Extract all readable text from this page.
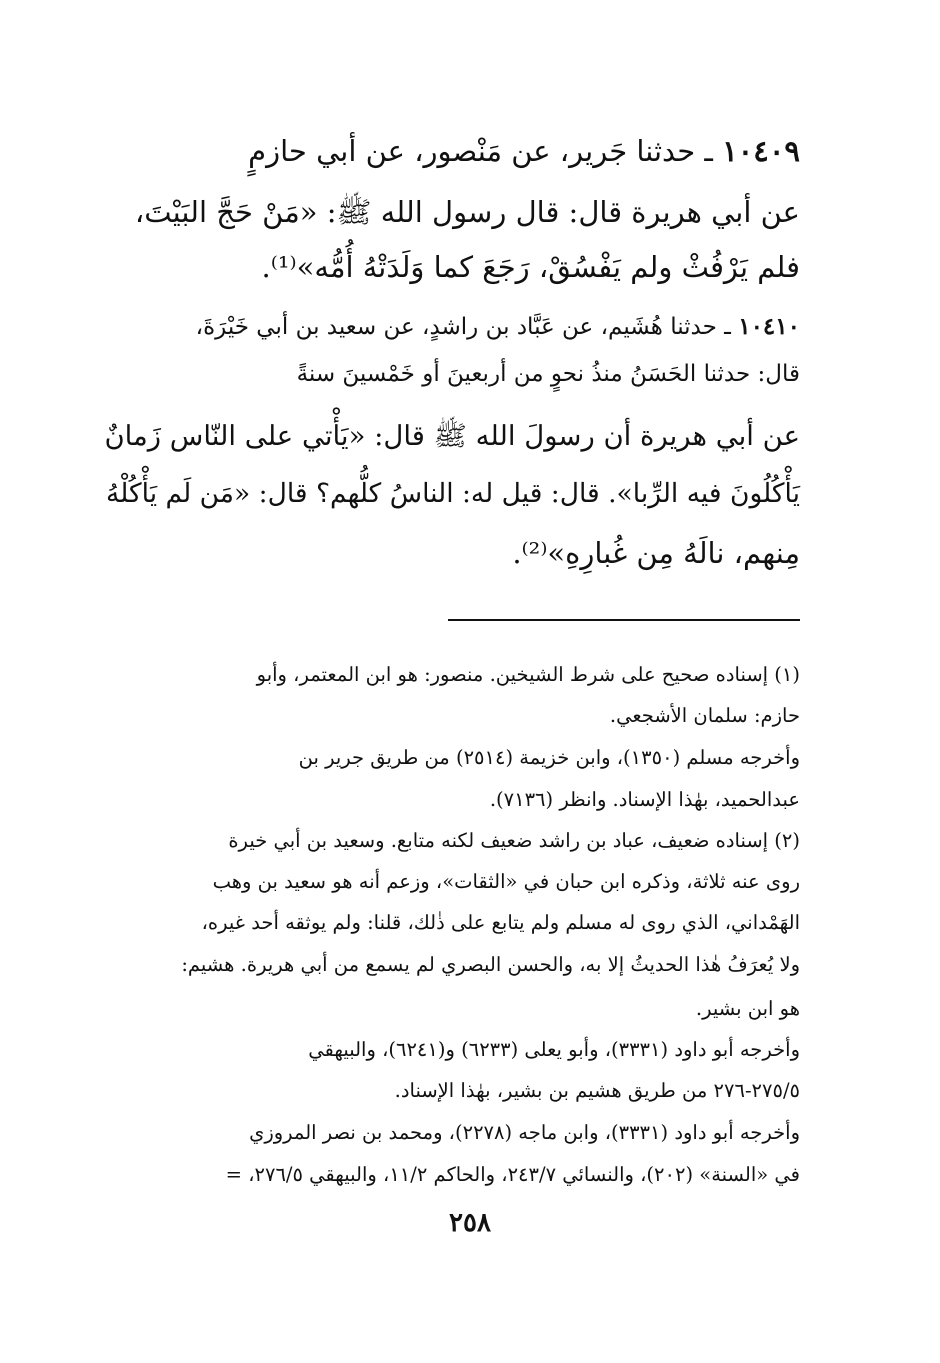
١٠٤٠٩ ـ حدثنا جَرير، عن مَنْصور، عن أبي حازمٍ
عن أبي هريرة قال: قال رسول الله ﷺ: «مَنْ حَجَّ البَيْتَ،
فلم يَرْفُثْ ولم يَفْسُقْ، رَجَعَ كما وَلَدَتْهُ أُمُّه»⁽¹⁾.
١٠٤١٠ ـ حدثنا هُشَيم، عن عَبَّاد بن راشدٍ، عن سعيد بن أبي خَيْرَةَ،
قال: حدثنا الحَسَنُ منذُ نحوٍ من أربعينَ أو خَمْسينَ سنةً
عن أبي هريرة أن رسولَ الله ﷺ قال: «يَأْتي على النّاس زَمانٌ
يَأْكُلُونَ فيه الرِّبا». قال: قيل له: الناسُ كلُّهم؟ قال: «مَن لَم يَأْكُلْهُ
مِنهم، نالَهُ مِن غُبارِهِ»⁽²⁾.
(١) إسناده صحيح على شرط الشيخين. منصور: هو ابن المعتمر، وأبو
حازم: سلمان الأشجعي.
وأخرجه مسلم (١٣٥٠)، وابن خزيمة (٢٥١٤) من طريق جرير بن
عبدالحميد، بهٰذا الإسناد. وانظر (٧١٣٦).
(٢) إسناده ضعيف، عباد بن راشد ضعيف لكنه متابع. وسعيد بن أبي خيرة
روى عنه ثلاثة، وذكره ابن حبان في «الثقات»، وزعم أنه هو سعيد بن وهب
الهَمْداني، الذي روى له مسلم ولم يتابع على ذٰلك، قلنا: ولم يوثقه أحد غيره،
ولا يُعرَفُ هٰذا الحديثُ إلا به، والحسن البصري لم يسمع من أبي هريرة. هشيم:
هو ابن بشير.
وأخرجه أبو داود (٣٣٣١)، وأبو يعلى (٦٢٣٣) و(٦٢٤١)، والبيهقي
٢٧٥/٥-٢٧٦ من طريق هشيم بن بشير، بهٰذا الإسناد.
وأخرجه أبو داود (٣٣٣١)، وابن ماجه (٢٢٧٨)، ومحمد بن نصر المروزي
في «السنة» (٢٠٢)، والنسائي ٢٤٣/٧، والحاكم ١١/٢، والبيهقي ٢٧٦/٥، =
٢٥٨
